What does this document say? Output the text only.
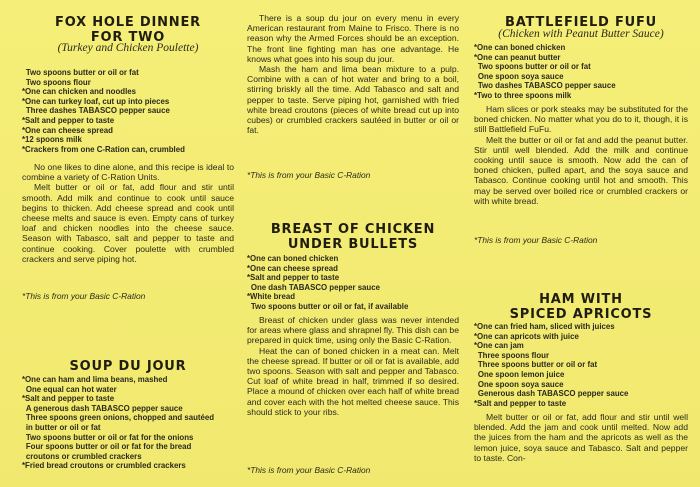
FOX HOLE DINNER
FOR TWO
(Turkey and Chicken Poulette)
Two spoons butter or oil or fat
Two spoons flour
*One can chicken and noodles
*One can turkey loaf, cut up into pieces
Three dashes TABASCO pepper sauce
*Salt and pepper to taste
*One can cheese spread
*12 spoons milk
*Crackers from one C-Ration can, crumbled

No one likes to dine alone, and this recipe is ideal to combine a variety of C-Ration Units.

Melt butter or oil or fat, add flour and stir until smooth. Add milk and continue to cook until sauce begins to thicken. Add cheese spread and cook until cheese melts and sauce is even. Empty cans of turkey loaf and chicken noodles into the cheese sauce. Season with Tabasco, salt and pepper to taste and continue cooking. Cover poulette with crumbled crackers and serve piping hot.

*This is from your Basic C-Ration

SOUP DU JOUR
*One can ham and lima beans, mashed
One equal can hot water
*Salt and pepper to taste
A generous dash TABASCO pepper sauce
Three spoons green onions, chopped and sautéed
in butter or oil or fat
Two spoons butter or oil or fat for the onions
Four spoons butter or oil or fat for the bread
croutons or crumbled crackers
*Fried bread croutons or crumbled crackers

There is a soup du jour on every menu in every American restaurant from Maine to Frisco. There is no reason why the Armed Forces should be an exception. The front line fighting man has one advantage. He knows what goes into his soup du jour.

Mash the ham and lima bean mixture to a pulp. Combine with a can of hot water and bring to a boil, stirring briskly all the time. Add Tabasco and salt and pepper to taste. Serve piping hot, garnished with fried white bread croutons (pieces of white bread cut up into cubes) or crumbled crackers sautéed in butter or oil or fat.

*This is from your Basic C-Ration

BREAST OF CHICKEN
UNDER BULLETS
*One can boned chicken
*One can cheese spread
*Salt and pepper to taste
One dash TABASCO pepper sauce
*White bread
Two spoons butter or oil or fat, if available

Breast of chicken under glass was never intended for areas where glass and shrapnel fly. This dish can be prepared in quick time, using only the Basic C-Ration.

Heat the can of boned chicken in a meat can. Melt the cheese spread. If butter or oil or fat is available, add two spoons. Season with salt and pepper and Tabasco. Cut loaf of white bread in half, trimmed if so desired. Place a mound of chicken over each half of white bread and cover each with the hot melted cheese sauce. This should stick to your ribs.

*This is from your Basic C-Ration

BATTLEFIELD FUFU
(Chicken with Peanut Butter Sauce)
*One can boned chicken
*One can peanut butter
Two spoons butter or oil or fat
One spoon soya sauce
Two dashes TABASCO pepper sauce
*Two to three spoons milk

Ham slices or pork steaks may be substituted for the boned chicken. No matter what you do to it, though, it is still Battlefield FuFu.

Melt the butter or oil or fat and add the peanut butter. Stir until well blended. Add the milk and continue cooking until sauce is smooth. Now add the can of boned chicken, pulled apart, and the soya sauce and Tabasco. Continue cooking until hot and smooth. This may be served over boiled rice or crumbled crackers or with white bread.

*This is from your Basic C-Ration

HAM WITH
SPICED APRICOTS
*One can fried ham, sliced with juices
*One can apricots with juice
*One can jam
Three spoons flour
Three spoons butter or oil or fat
One spoon lemon juice
One spoon soya sauce
Generous dash TABASCO pepper sauce
*Salt and pepper to taste

Melt butter or oil or fat, add flour and stir until well blended. Add the jam and cook until melted. Now add the juices from the ham and the apricots as well as the lemon juice, soya sauce and Tabasco. Salt and pepper to taste. Con-
